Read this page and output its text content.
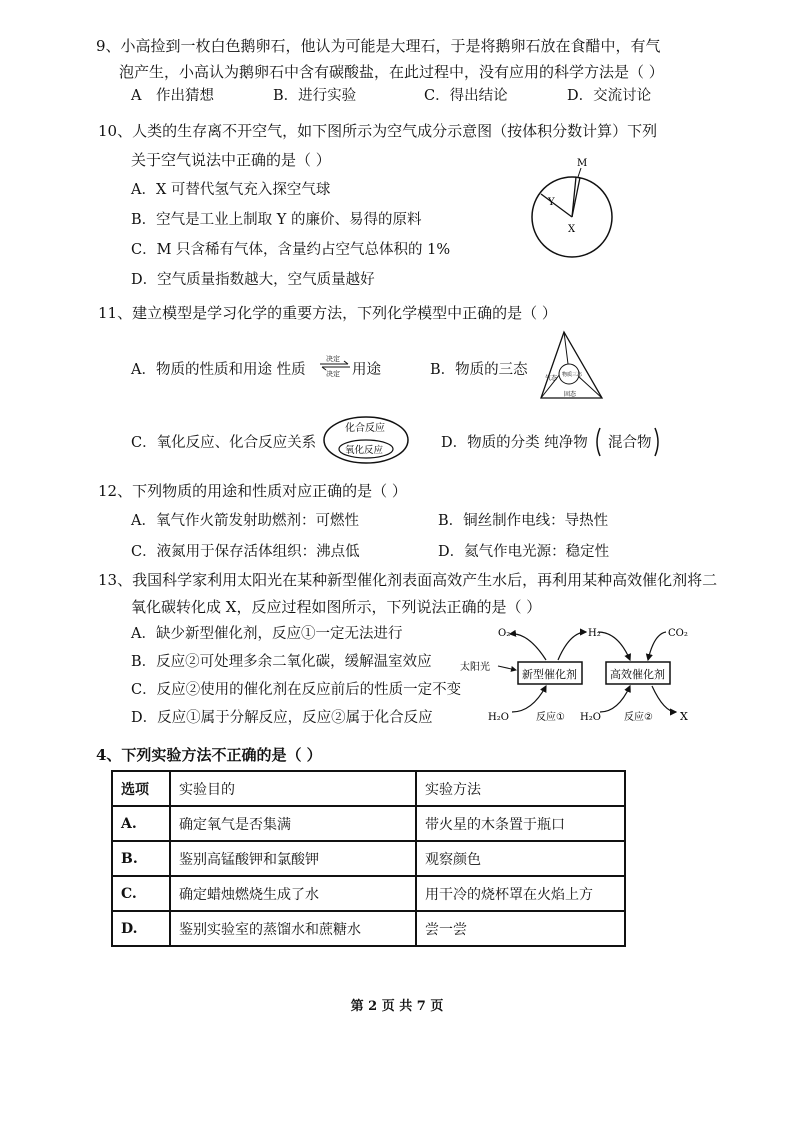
9、小高捡到一枚白色鹅卵石，他认为可能是大理石，于是将鹅卵石放在食醋中，有气
泡产生，小高认为鹅卵石中含有碳酸盐，在此过程中，没有应用的科学方法是（ ）
A　作出猜想	B．进行实验	C．得出结论	D．交流讨论
10、人类的生存离不开空气，如下图所示为空气成分示意图（按体积分数计算）下列
关于空气说法中正确的是（ ）
A．X 可替代氢气充入探空气球
B．空气是工业上制取 Y 的廉价、易得的原料
C．M 只含稀有气体，含量约占空气总体积的 1%
D．空气质量指数越大，空气质量越好
M
Y
X
11、建立模型是学习化学的重要方法，下列化学模型中正确的是（ ）
A．物质的性质和用途 性质
决定
决定 用途	B．物质的三态	物质三态
气态
固态
C．氧化反应、化合反应关系
化合反应
氧化反应	D．物质的分类 纯净物 混合物
12、下列物质的用途和性质对应正确的是（ ）
A．氧气作火箭发射助燃剂：可燃性	B．铜丝制作电线：导热性
C．液氮用于保存活体组织：沸点低	D．氦气作电光源：稳定性
13、我国科学家利用太阳光在某种新型催化剂表面高效产生水后，再利用某种高效催化剂将二
氧化碳转化成 X，反应过程如图所示，下列说法正确的是（ ）
A．缺少新型催化剂，反应①一定无法进行
B．反应②可处理多余二氧化碳，缓解温室效应
C．反应②使用的催化剂在反应前后的性质一定不变
D．反应①属于分解反应，反应②属于化合反应
新型催化剂	高效催化剂
太阳光
O₂	H₂	CO₂
H₂O	反应① H₂O 反应② X
4、下列实验方法不正确的是（ ）
选项	实验目的	实验方法
A.	确定氧气是否集满	带火星的木条置于瓶口
B.	鉴别高锰酸钾和氯酸钾	观察颜色
C.	确定蜡烛燃烧生成了水	用干冷的烧杯罩在火焰上方
D.	鉴别实验室的蒸馏水和蔗糖水	尝一尝
第 2 页 共 7 页
